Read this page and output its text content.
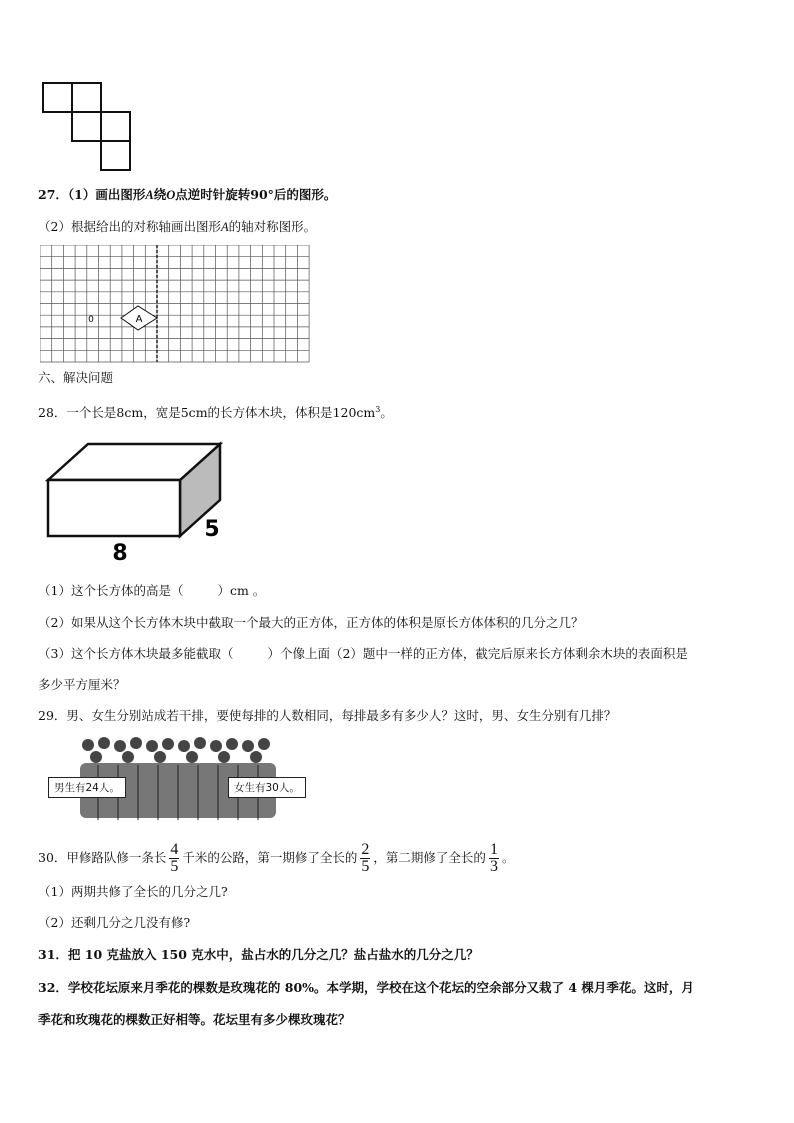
27．（1）画出图形A绕O点逆时针旋转90°后的图形。
（2）根据给出的对称轴画出图形A的轴对称图形。
A
0
六、解决问题
28．一个长是8cm，宽是5cm的长方体木块，体积是$120cm^3$。
8
5
（1）这个长方体的高是（	）cm 。
（2）如果从这个长方体木块中截取一个最大的正方体，正方体的体积是原长方体体积的几分之几？
（3）这个长方体木块最多能截取（	）个像上面（2）题中一样的正方体，截完后原来长方体剩余木块的表面积是
多少平方厘米？
29．男、女生分别站成若干排，要使每排的人数相同，每排最多有多少人？这时，男、女生分别有几排？
男生有24人。	女生有30人。
30．甲修路队修一条长 $\frac{4}{5}$ 千米的公路，第一期修了全长的 $\frac{2}{5}$ ，第二期修了全长的 $\frac{1}{3}$ 。
（1）两期共修了全长的几分之几?
（2）还剩几分之几没有修?
31．把 10 克盐放入 150 克水中，盐占水的几分之几？盐占盐水的几分之几？
32．学校花坛原来月季花的棵数是玫瑰花的 80%。本学期，学校在这个花坛的空余部分又栽了 4 棵月季花。这时，月
季花和玫瑰花的棵数正好相等。花坛里有多少棵玫瑰花？
